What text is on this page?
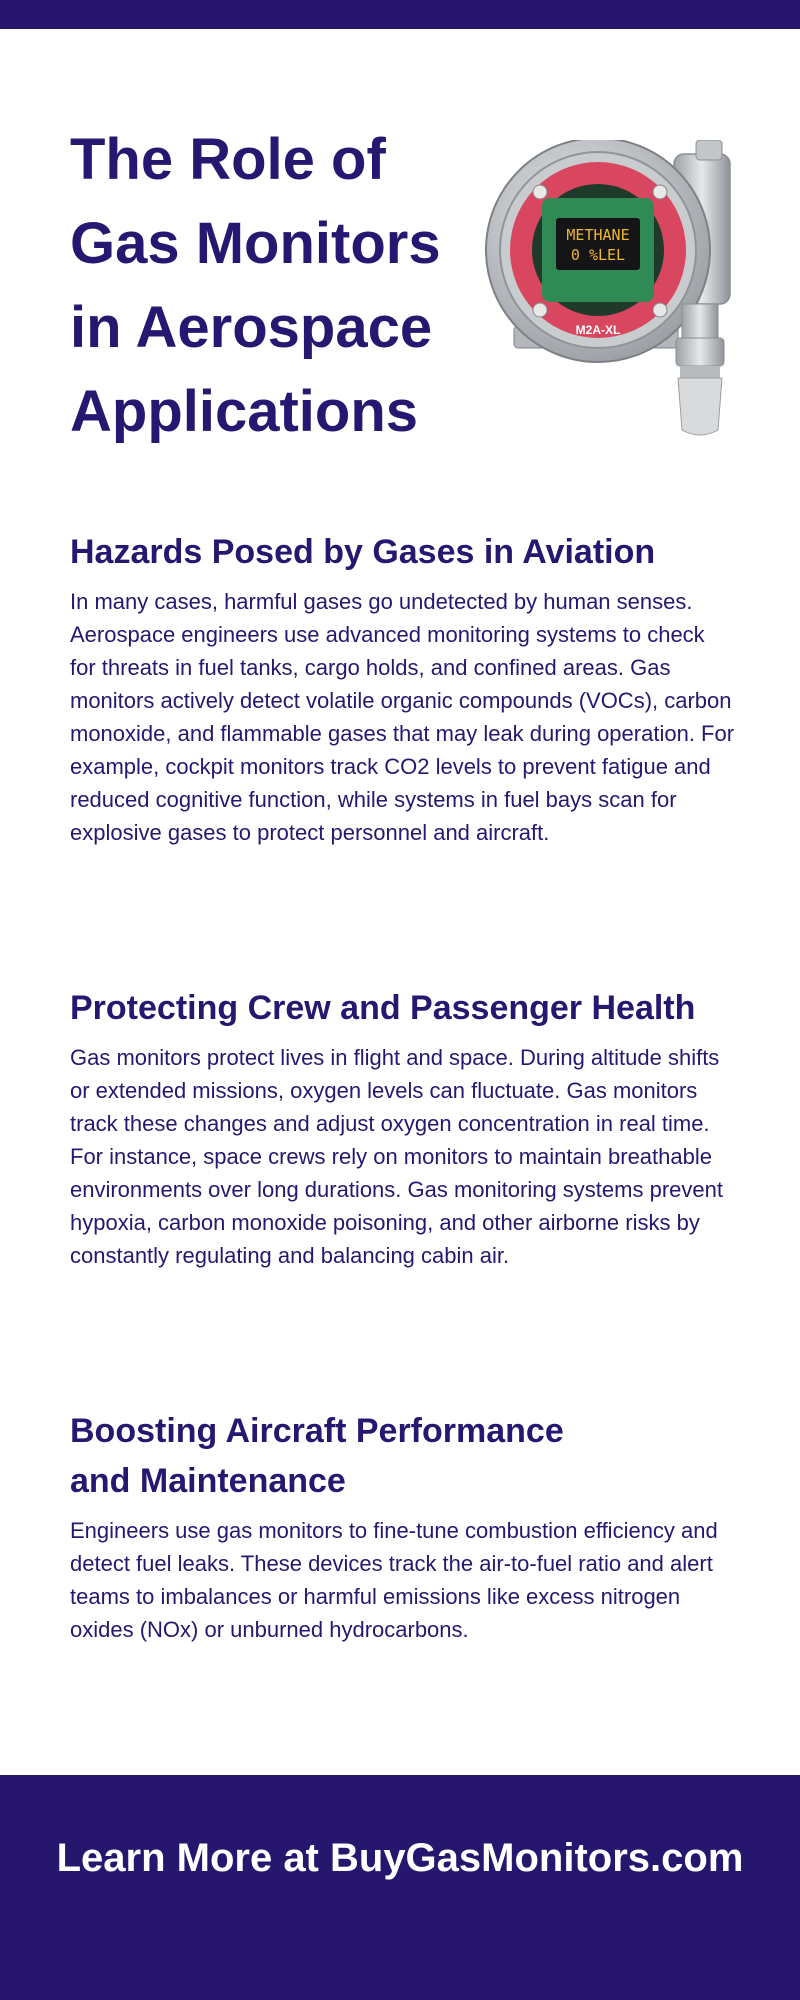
The Role of Gas Monitors in Aerospace Applications
METHANE
0 %LEL
M2A-XL
Hazards Posed by Gases in Aviation

In many cases, harmful gases go undetected by human senses. Aerospace engineers use advanced monitoring systems to check for threats in fuel tanks, cargo holds, and confined areas. Gas monitors actively detect volatile organic compounds (VOCs), carbon monoxide, and flammable gases that may leak during operation. For example, cockpit monitors track CO2 levels to prevent fatigue and reduced cognitive function, while systems in fuel bays scan for explosive gases to protect personnel and aircraft.

Protecting Crew and Passenger Health

Gas monitors protect lives in flight and space. During altitude shifts or extended missions, oxygen levels can fluctuate. Gas monitors track these changes and adjust oxygen concentration in real time. For instance, space crews rely on monitors to maintain breathable environments over long durations. Gas monitoring systems prevent hypoxia, carbon monoxide poisoning, and other airborne risks by constantly regulating and balancing cabin air.

Boosting Aircraft Performance and Maintenance

Engineers use gas monitors to fine-tune combustion efficiency and detect fuel leaks. These devices track the air-to-fuel ratio and alert teams to imbalances or harmful emissions like excess nitrogen oxides (NOx) or unburned hydrocarbons.

Learn More at BuyGasMonitors.com
